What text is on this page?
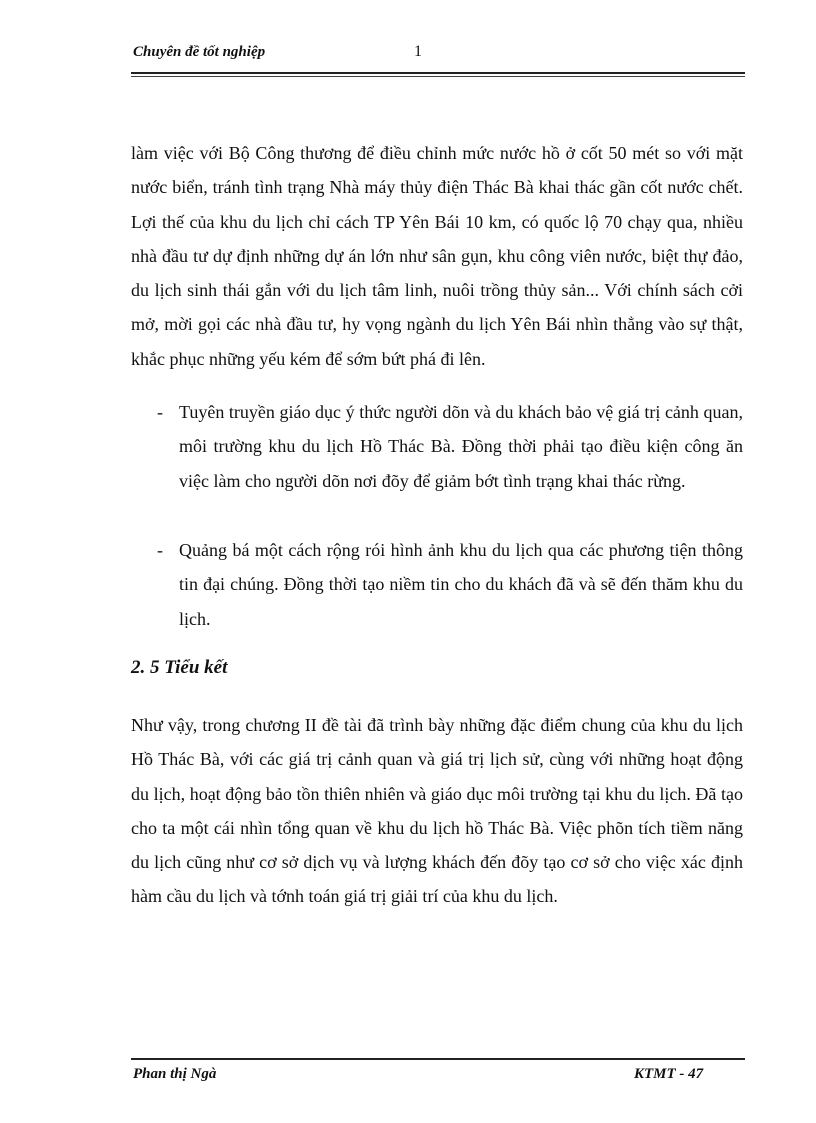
Chuyên đề tốt nghiệp	1

làm việc với Bộ Công thương để điều chỉnh mức nước hồ ở cốt 50 mét so với mặt nước biển, tránh tình trạng Nhà máy thủy điện Thác Bà khai thác gần cốt nước chết. Lợi thế của khu du lịch chỉ cách TP Yên Bái 10 km, có quốc lộ 70 chạy qua, nhiều nhà đầu tư dự định những dự án lớn như sân gụn, khu công viên nước, biệt thự đảo, du lịch sinh thái gắn với du lịch tâm linh, nuôi trồng thủy sản... Với chính sách cởi mở, mời gọi các nhà đầu tư, hy vọng ngành du lịch Yên Bái nhìn thẳng vào sự thật, khắc phục những yếu kém để sớm bứt phá đi lên.

- Tuyên truyền giáo dục ý thức người dõn và du khách bảo vệ giá trị cảnh quan, môi trường khu du lịch Hồ Thác Bà. Đồng thời phải tạo điều kiện công ăn việc làm cho người dõn nơi đõy để giảm bớt tình trạng khai thác rừng.
- Quảng bá một cách rộng rói hình ảnh khu du lịch qua các phương tiện thông tin đại chúng. Đồng thời tạo niềm tin cho du khách đã và sẽ đến thăm khu du lịch.
2. 5 Tiểu kết

Như vậy, trong chương II đề tài đã trình bày những đặc điểm chung của khu du lịch Hồ Thác Bà, với các giá trị cảnh quan và giá trị lịch sử, cùng với những hoạt động du lịch, hoạt động bảo tồn thiên nhiên và giáo dục môi trường tại khu du lịch. Đã tạo cho ta một cái nhìn tổng quan về khu du lịch hồ Thác Bà. Việc phõn tích tiềm năng du lịch cũng như cơ sở dịch vụ và lượng khách đến đõy tạo cơ sở cho việc xác định hàm cầu du lịch và tớnh toán giá trị giải trí của khu du lịch.

Phan thị Ngà	KTMT - 47
